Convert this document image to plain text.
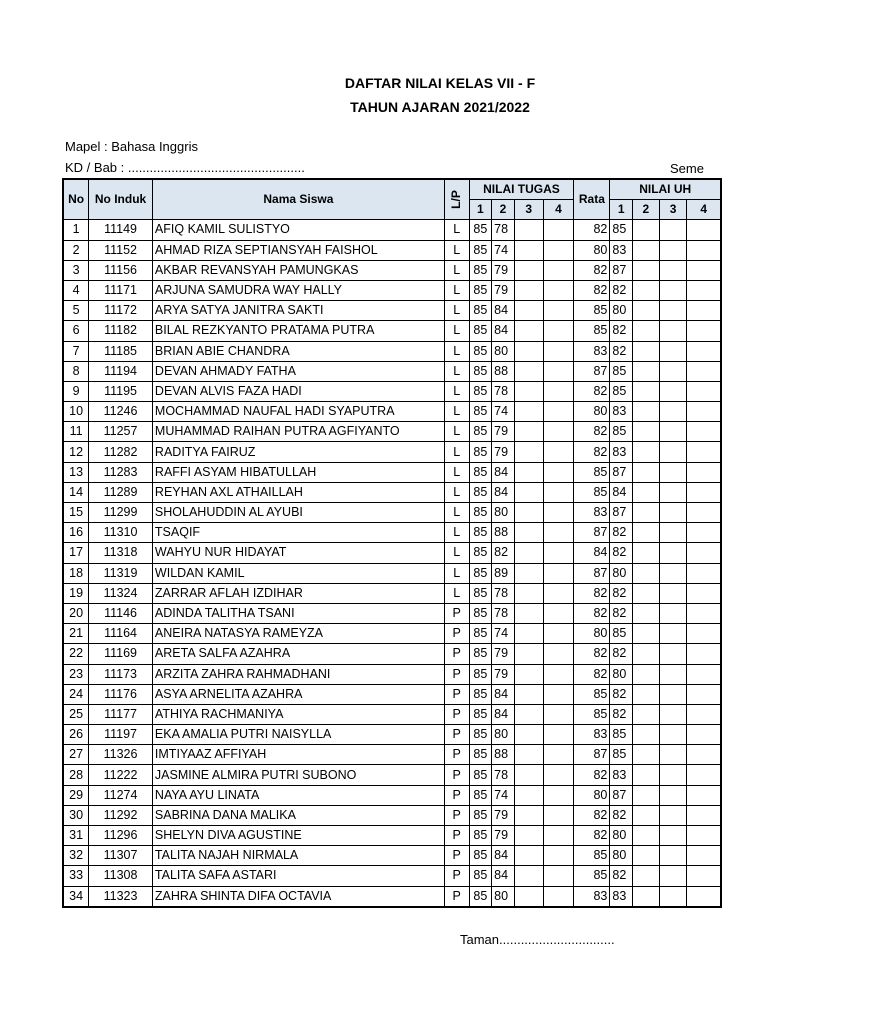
DAFTAR NILAI KELAS VII - F
TAHUN AJARAN 2021/2022
Mapel : Bahasa Inggris
KD / Bab : .................................................	Seme
No	No Induk	Nama Siswa	L/P	NILAI TUGAS				Rata	NILAI UH			
				1	2	3	4		1	2	3	4
1	11149	AFIQ KAMIL SULISTYO	L	85	78			82	85			
2	11152	AHMAD RIZA SEPTIANSYAH FAISHOL	L	85	74			80	83			
3	11156	AKBAR REVANSYAH PAMUNGKAS	L	85	79			82	87			
4	11171	ARJUNA SAMUDRA WAY HALLY	L	85	79			82	82			
5	11172	ARYA SATYA JANITRA SAKTI	L	85	84			85	80			
6	11182	BILAL REZKYANTO PRATAMA PUTRA	L	85	84			85	82			
7	11185	BRIAN ABIE CHANDRA	L	85	80			83	82			
8	11194	DEVAN AHMADY FATHA	L	85	88			87	85			
9	11195	DEVAN ALVIS FAZA HADI	L	85	78			82	85			
10	11246	MOCHAMMAD NAUFAL HADI SYAPUTRA	L	85	74			80	83			
11	11257	MUHAMMAD RAIHAN PUTRA AGFIYANTO	L	85	79			82	85			
12	11282	RADITYA FAIRUZ	L	85	79			82	83			
13	11283	RAFFI ASYAM HIBATULLAH	L	85	84			85	87			
14	11289	REYHAN AXL ATHAILLAH	L	85	84			85	84			
15	11299	SHOLAHUDDIN AL AYUBI	L	85	80			83	87			
16	11310	TSAQIF	L	85	88			87	82			
17	11318	WAHYU NUR HIDAYAT	L	85	82			84	82			
18	11319	WILDAN KAMIL	L	85	89			87	80			
19	11324	ZARRAR AFLAH IZDIHAR	L	85	78			82	82			
20	11146	ADINDA TALITHA TSANI	P	85	78			82	82			
21	11164	ANEIRA NATASYA RAMEYZA	P	85	74			80	85			
22	11169	ARETA SALFA AZAHRA	P	85	79			82	82			
23	11173	ARZITA ZAHRA RAHMADHANI	P	85	79			82	80			
24	11176	ASYA ARNELITA AZAHRA	P	85	84			85	82			
25	11177	ATHIYA RACHMANIYA	P	85	84			85	82			
26	11197	EKA AMALIA PUTRI NAISYLLA	P	85	80			83	85			
27	11326	IMTIYAAZ AFFIYAH	P	85	88			87	85			
28	11222	JASMINE ALMIRA PUTRI SUBONO	P	85	78			82	83			
29	11274	NAYA AYU LINATA	P	85	74			80	87			
30	11292	SABRINA DANA MALIKA	P	85	79			82	82			
31	11296	SHELYN DIVA AGUSTINE	P	85	79			82	80			
32	11307	TALITA NAJAH NIRMALA	P	85	84			85	80			
33	11308	TALITA SAFA ASTARI	P	85	84			85	82			
34	11323	ZAHRA SHINTA DIFA OCTAVIA	P	85	80			83	83			
Taman................................
